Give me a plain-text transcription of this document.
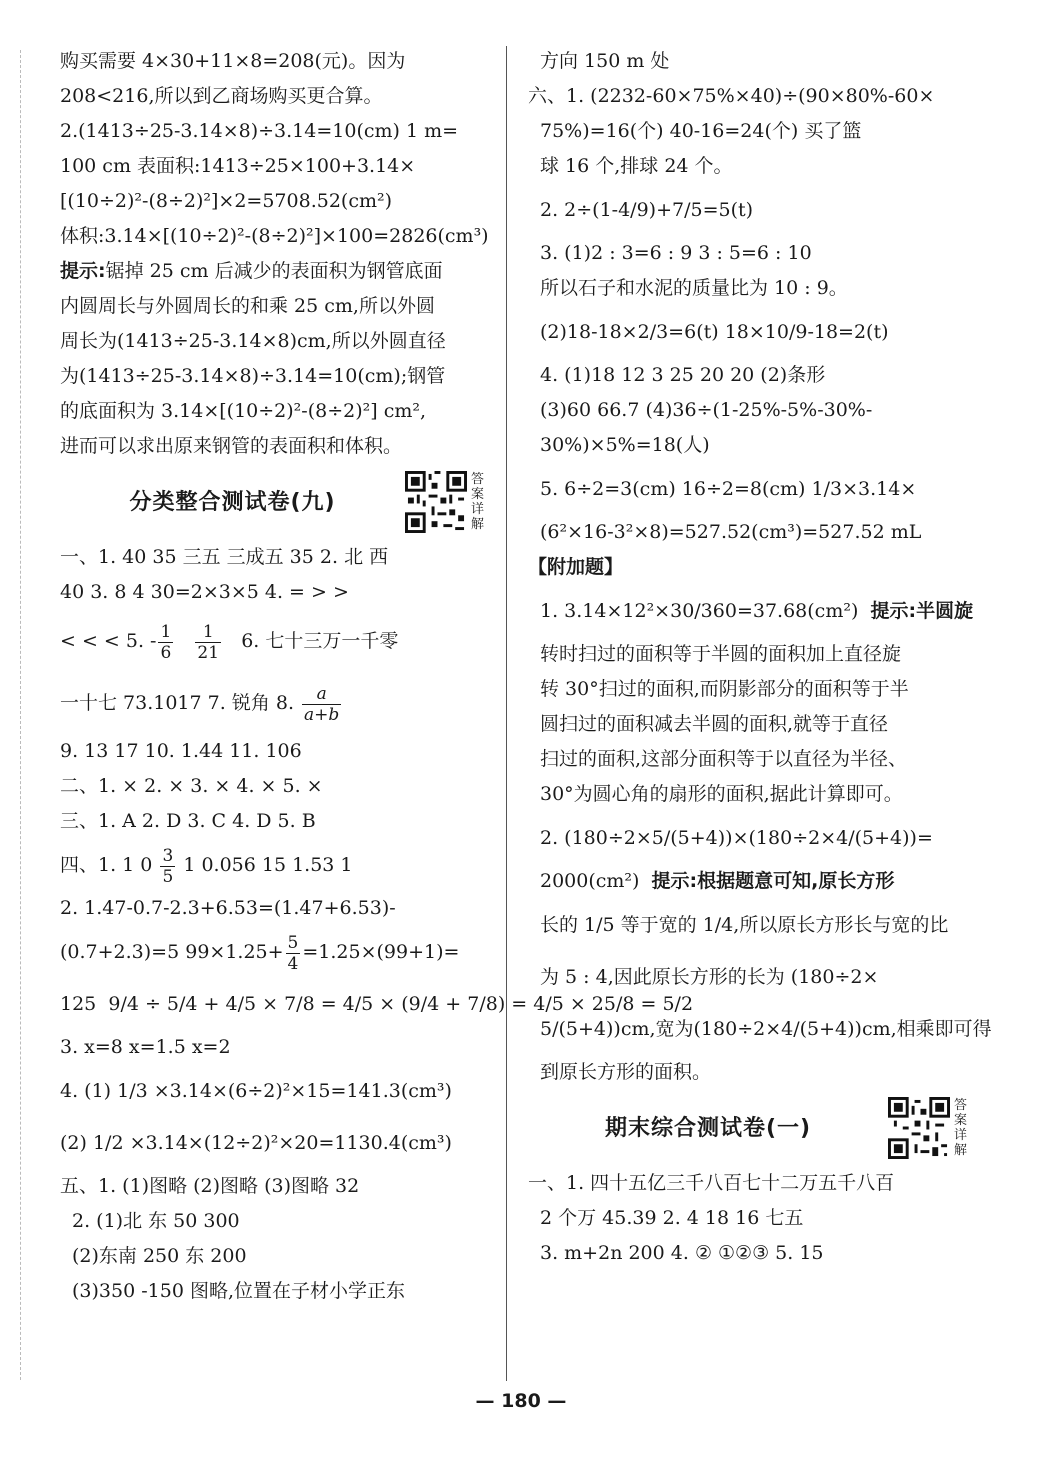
购买需要 4×30+11×8=208(元)。因为
208<216,所以到乙商场购买更合算。
2.(1413÷25-3.14×8)÷3.14=10(cm) 1 m=
100 cm 表面积:1413÷25×100+3.14×
[(10÷2)²-(8÷2)²]×2=5708.52(cm²)
体积:3.14×[(10÷2)²-(8÷2)²]×100=2826(cm³)
提示:锯掉 25 cm 后减少的表面积为钢管底面
内圆周长与外圆周长的和乘 25 cm,所以外圆
周长为(1413÷25-3.14×8)cm,所以外圆直径
为(1413÷25-3.14×8)÷3.14=10(cm);钢管
的底面积为 3.14×[(10÷2)²-(8÷2)²] cm²,
进而可以求出原来钢管的表面积和体积。
分类整合测试卷(九)
答案详解
一、1. 40 35 三五 三成五 35 2. 北 西
40 3. 8 4 30=2×3×5 4. = > >
< < < 5. - $\frac{1}{6}$
$\frac{1}{21} 6$. 七十三万一千零
一十七 73.1017 7. 锐角 8. $\frac{a}{a+b}$
9. 13 17 10. 1.44 11. 106
二、1. × 2. × 3. × 4. × 5. ×
三、1. A 2. D 3. C 4. D 5. B
四、1. 1 $0 \frac{3}{5} 1$ 0.056 15 1.53 1
2. 1.47-0.7-2.3+6.53=(1.47+6.53)-
(0.7+2.3)=5 $99\times 1.25+ \frac{5}{4} =1.25\times(99+1)=$
125 9/4 ÷ 5/4 + 4/5 × 7/8 = 4/5 × (9/4 + 7/8) = 4/5 × 25/8 = 5/2
3. x=8 x=1.5 x=2
4. (1) 1/3 ×3.14×(6÷2)²×15=141.3(cm³)
(2) 1/2 ×3.14×(12÷2)²×20=1130.4(cm³)
五、1. (1)图略 (2)图略 (3)图略 32
2. (1)北 东 50 300
(2)东南 250 东 200
(3)350 -150 图略,位置在子材小学正东
方向 150 m 处
六、1. (2232-60×75%×40)÷(90×80%-60×
75%)=16(个) 40-16=24(个) 买了篮
球 16 个,排球 24 个。
2. 2÷(1-4/9)+7/5=5(t)
3. (1)2 : 3=6 : 9 3 : 5=6 : 10
所以石子和水泥的质量比为 10 : 9。
(2)18-18×2/3=6(t) 18×10/9-18=2(t)
4. (1)18 12 3 25 20 20 (2)条形
(3)60 66.7 (4)36÷(1-25%-5%-30%-
30%)×5%=18(人)
5. 6÷2=3(cm) 16÷2=8(cm) 1/3×3.14×
(6²×16-3²×8)=527.52(cm³)=527.52 mL
【附加题】
1. 3.14×12²×30/360=37.68(cm²) 提示:半圆旋
转时扫过的面积等于半圆的面积加上直径旋
转 30°扫过的面积,而阴影部分的面积等于半
圆扫过的面积减去半圆的面积,就等于直径
扫过的面积,这部分面积等于以直径为半径、
30°为圆心角的扇形的面积,据此计算即可。
2. (180÷2×5/(5+4))×(180÷2×4/(5+4))=
2000(cm²) 提示:根据题意可知,原长方形
长的 1/5 等于宽的 1/4,所以原长方形长与宽的比
为 5 : 4,因此原长方形的长为 (180÷2×
5/(5+4))cm,宽为(180÷2×4/(5+4))cm,相乘即可得
到原长方形的面积。
期末综合测试卷(一)
答案详解
一、1. 四十五亿三千八百七十二万五千八百
2 个万 45.39 2. 4 18 16 七五
3. m+2n 200 4. ② ①②③ 5. 15
— 180 —
